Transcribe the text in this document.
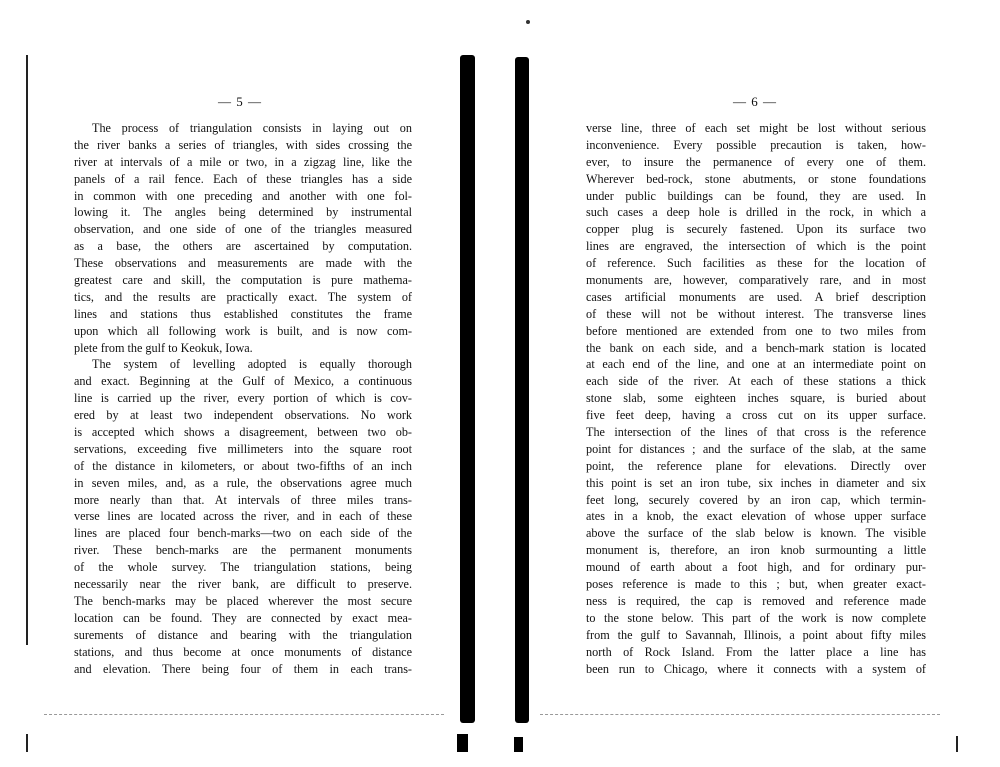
— 5 —
The process of triangulation consists in laying out on
the river banks a series of triangles, with sides crossing the
river at intervals of a mile or two, in a zigzag line, like the
panels of a rail fence. Each of these triangles has a side
in common with one preceding and another with one fol-
lowing it. The angles being determined by instrumental
observation, and one side of one of the triangles measured
as a base, the others are ascertained by computation.
These observations and measurements are made with the
greatest care and skill, the computation is pure mathema-
tics, and the results are practically exact. The system of
lines and stations thus established constitutes the frame
upon which all following work is built, and is now com-
plete from the gulf to Keokuk, Iowa.
The system of levelling adopted is equally thorough
and exact. Beginning at the Gulf of Mexico, a continuous
line is carried up the river, every portion of which is cov-
ered by at least two independent observations. No work
is accepted which shows a disagreement, between two ob-
servations, exceeding five millimeters into the square root
of the distance in kilometers, or about two-fifths of an inch
in seven miles, and, as a rule, the observations agree much
more nearly than that. At intervals of three miles trans-
verse lines are located across the river, and in each of these
lines are placed four bench-marks—two on each side of the
river. These bench-marks are the permanent monuments
of the whole survey. The triangulation stations, being
necessarily near the river bank, are difficult to preserve.
The bench-marks may be placed wherever the most secure
location can be found. They are connected by exact mea-
surements of distance and bearing with the triangulation
stations, and thus become at once monuments of distance
and elevation. There being four of them in each trans-
— 6 —
verse line, three of each set might be lost without serious
inconvenience. Every possible precaution is taken, how-
ever, to insure the permanence of every one of them.
Wherever bed-rock, stone abutments, or stone foundations
under public buildings can be found, they are used. In
such cases a deep hole is drilled in the rock, in which a
copper plug is securely fastened. Upon its surface two
lines are engraved, the intersection of which is the point
of reference. Such facilities as these for the location of
monuments are, however, comparatively rare, and in most
cases artificial monuments are used. A brief description
of these will not be without interest. The transverse lines
before mentioned are extended from one to two miles from
the bank on each side, and a bench-mark station is located
at each end of the line, and one at an intermediate point on
each side of the river. At each of these stations a thick
stone slab, some eighteen inches square, is buried about
five feet deep, having a cross cut on its upper surface.
The intersection of the lines of that cross is the reference
point for distances ; and the surface of the slab, at the same
point, the reference plane for elevations. Directly over
this point is set an iron tube, six inches in diameter and six
feet long, securely covered by an iron cap, which termin-
ates in a knob, the exact elevation of whose upper surface
above the surface of the slab below is known. The visible
monument is, therefore, an iron knob surmounting a little
mound of earth about a foot high, and for ordinary pur-
poses reference is made to this ; but, when greater exact-
ness is required, the cap is removed and reference made
to the stone below. This part of the work is now complete
from the gulf to Savannah, Illinois, a point about fifty miles
north of Rock Island. From the latter place a line has
been run to Chicago, where it connects with a system of
